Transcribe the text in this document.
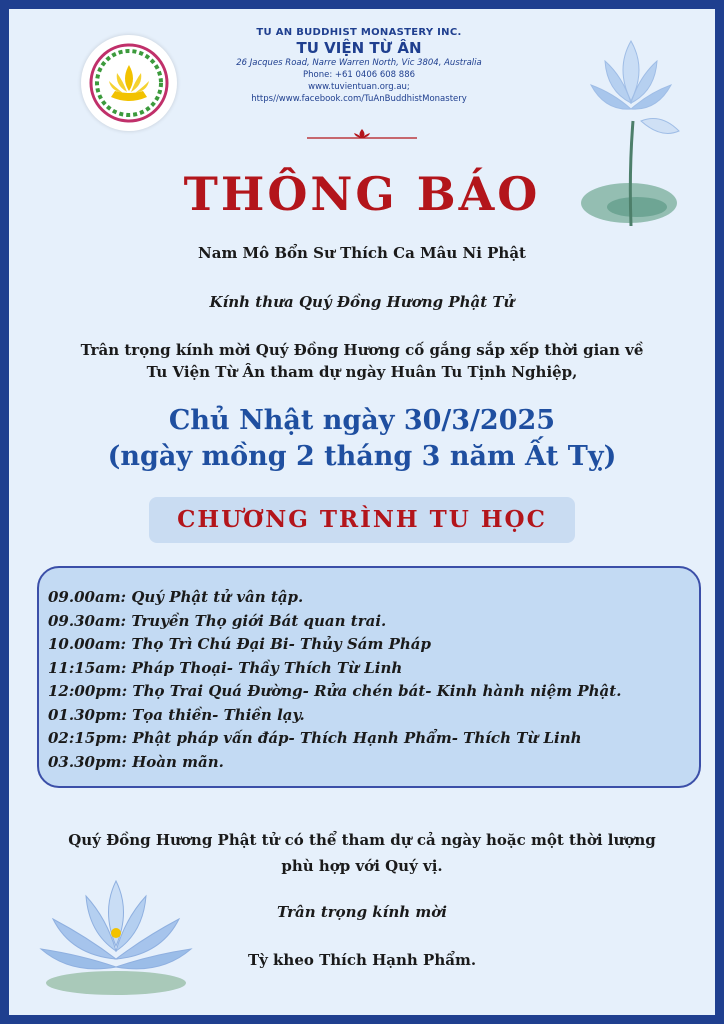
TU AN BUDDHIST MONASTERY INC.
TU VIỆN TỪ ÂN
26 Jacques Road, Narre Warren North, Vic 3804, Australia
Phone: +61 0406 608 886
www.tuvientuan.org.au;
https//www.facebook.com/TuAnBuddhistMonastery
THÔNG BÁO
Nam Mô Bổn Sư Thích Ca Mâu Ni Phật
Kính thưa Quý Đồng Hương Phật Tử
Trân trọng kính mời Quý Đồng Hương cố gắng sắp xếp thời gian về
Tu Viện Từ Ân tham dự ngày Huân Tu Tịnh Nghiệp,
Chủ Nhật ngày 30/3/2025
(ngày mồng 2 tháng 3 năm Ất Tỵ)
CHƯƠNG TRÌNH TU HỌC
09.00am: Quý Phật tử vân tập.
09.30am: Truyền Thọ giới Bát quan trai.
10.00am: Thọ Trì Chú Đại Bi- Thủy Sám Pháp
11:15am: Pháp Thoại- Thầy Thích Từ Linh
12:00pm: Thọ Trai Quá Đường- Rửa chén bát- Kinh hành niệm Phật.
01.30pm: Tọa thiền- Thiền lạy.
02:15pm: Phật pháp vấn đáp- Thích Hạnh Phẩm- Thích Từ Linh
03.30pm: Hoàn mãn.
Quý Đồng Hương Phật tử có thể tham dự cả ngày hoặc một thời lượng
phù hợp với Quý vị.
Trân trọng kính mời
Tỳ kheo Thích Hạnh Phẩm.
